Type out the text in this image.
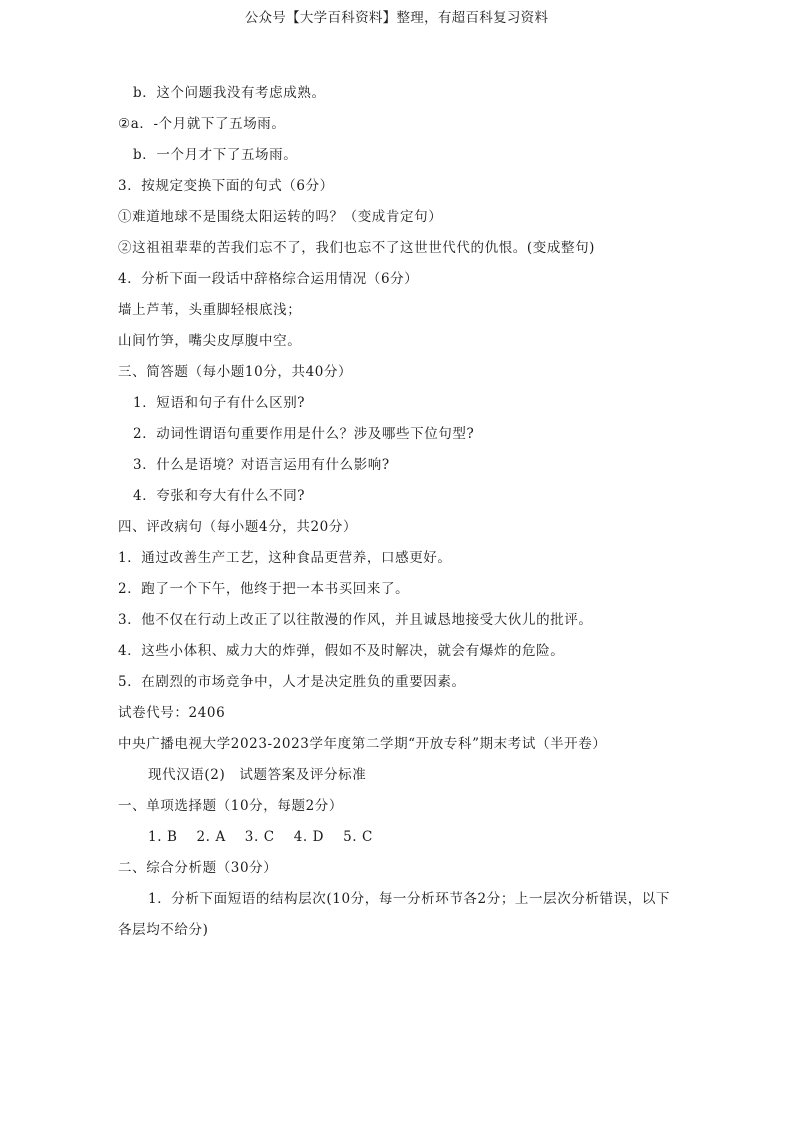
公众号【大学百科资料】整理，有超百科复习资料
b．这个问题我没有考虑成熟。
②a．-个月就下了五场雨。
b．一个月才下了五场雨。
3．按规定变换下面的句式（6分）
①难道地球不是围绕太阳运转的吗？（变成肯定句）
②这祖祖辈辈的苦我们忘不了，我们也忘不了这世世代代的仇恨。(变成整句)
4．分析下面一段话中辞格综合运用情况（6分）
墙上芦苇，头重脚轻根底浅；
山间竹笋，嘴尖皮厚腹中空。
三、简答题（每小题10分，共40分）
1．短语和句子有什么区别?
2．动词性谓语句重要作用是什么？涉及哪些下位句型?
3．什么是语境？对语言运用有什么影响?
4．夸张和夸大有什么不同?
四、评改病句（每小题4分，共20分）
1．通过改善生产工艺，这种食品更营养，口感更好。
2．跑了一个下午，他终于把一本书买回来了。
3．他不仅在行动上改正了以往散漫的作风，并且诚恳地接受大伙儿的批评。
4．这些小体积、威力大的炸弹，假如不及时解决，就会有爆炸的危险。
5．在剧烈的市场竞争中，人才是决定胜负的重要因素。
试卷代号：2406
中央广播电视大学2023-2023学年度第二学期“开放专科”期末考试（半开卷）
现代汉语(2)　试题答案及评分标准
一、单项选择题（10分，每题2分）
1. B　 2. A　 3. C　 4. D　 5. C
二、综合分析题（30分）
1．分析下面短语的结构层次(10分，每一分析环节各2分；上一层次分析错误，以下
各层均不给分)
